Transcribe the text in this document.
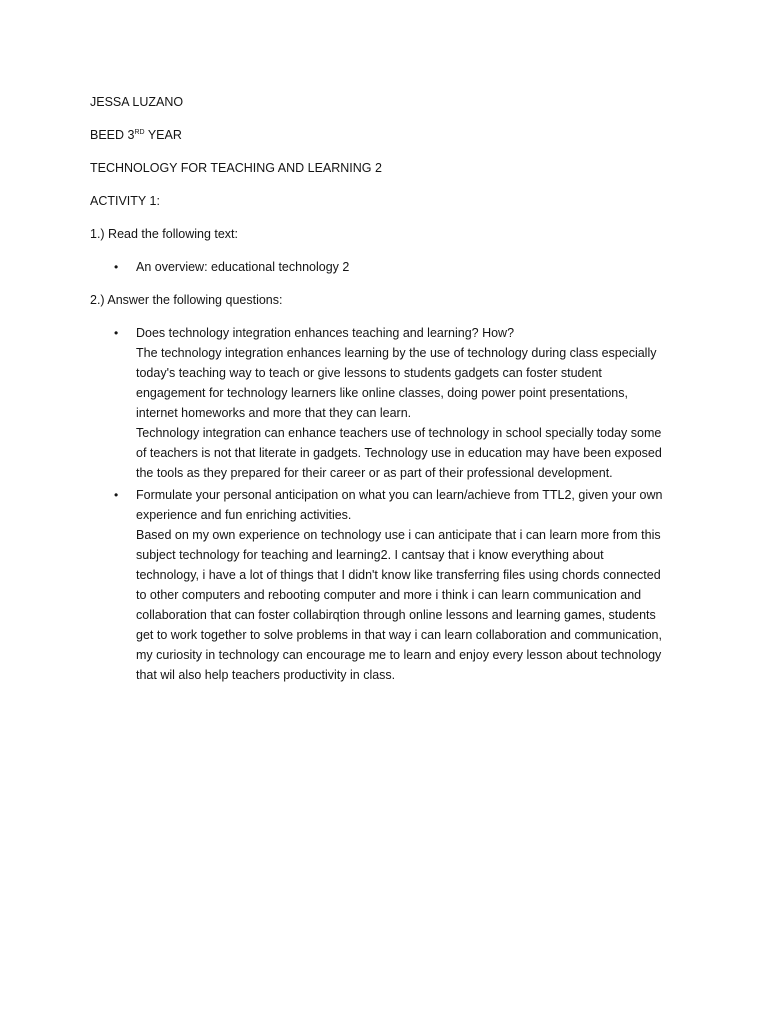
JESSA LUZANO
BEED 3RD YEAR
TECHNOLOGY FOR TEACHING AND LEARNING 2
ACTIVITY 1:
1.) Read the following text:
• An overview: educational technology 2
2.) Answer the following questions:
• Does technology integration enhances teaching and learning? How?

The technology integration enhances learning by the use of technology during class especially

today's teaching way to teach or give lessons to students gadgets can foster student

engagement for technology learners like online classes, doing power point presentations,

internet homeworks and more that they can learn.

Technology integration can enhance teachers use of technology in school specially today some

of teachers is not that literate in gadgets. Technology use in education may have been exposed

the tools as they prepared for their career or as part of their professional development.

• Formulate your personal anticipation on what you can learn/achieve from TTL2, given your own

experience and fun enriching activities.

Based on my own experience on technology use i can anticipate that i can learn more from this

subject technology for teaching and learning2. I cantsay that i know everything about

technology, i have a lot of things that I didn't know like transferring files using chords connected

to other computers and rebooting computer and more i think i can learn communication and

collaboration that can foster collabirqtion through online lessons and learning games, students

get to work together to solve problems in that way i can learn collaboration and communication,

my curiosity in technology can encourage me to learn and enjoy every lesson about technology

that wil also help teachers productivity in class.
